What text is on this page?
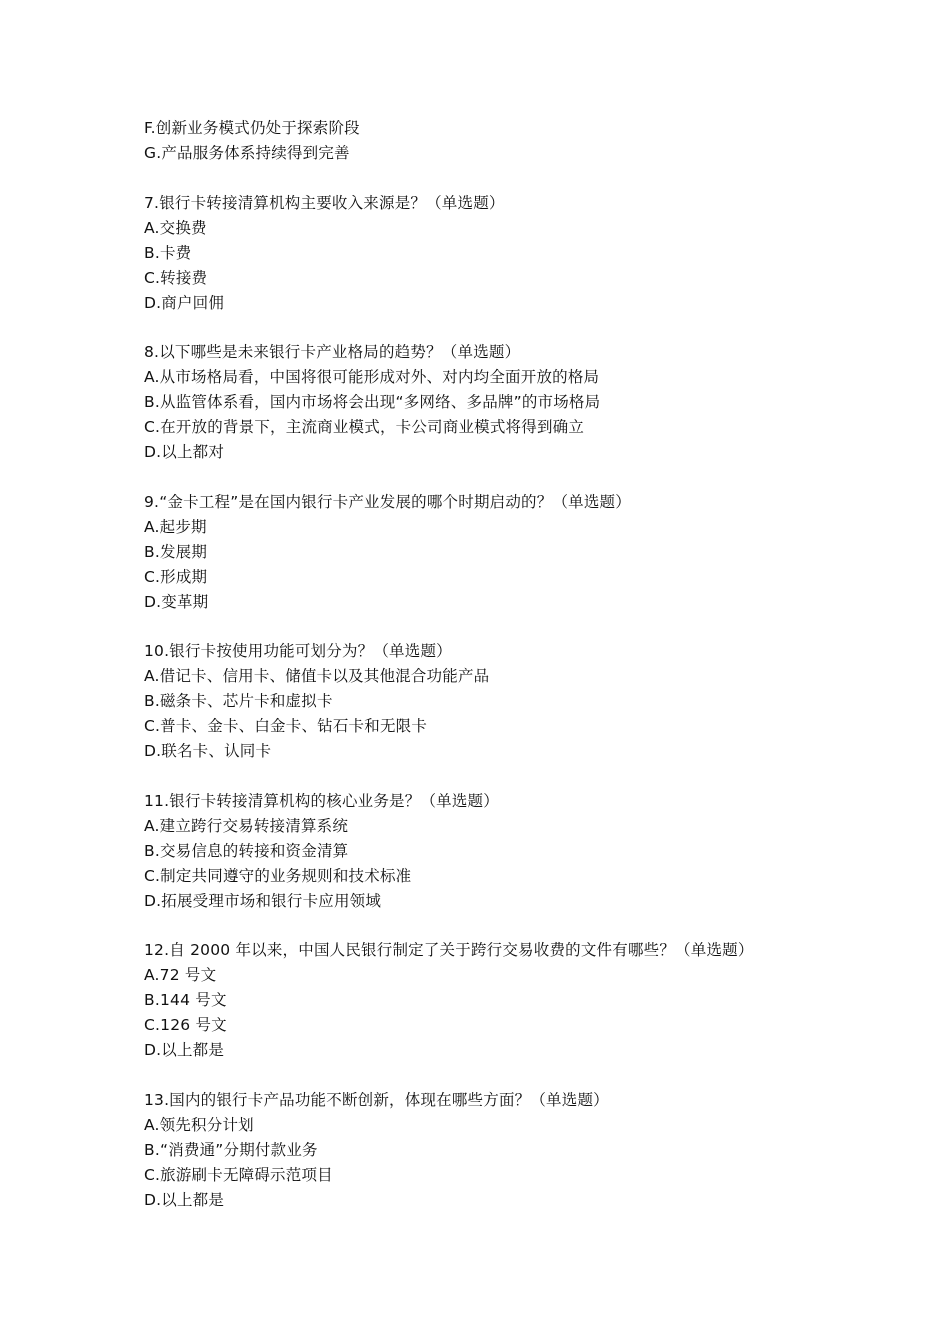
F.创新业务模式仍处于探索阶段
G.产品服务体系持续得到完善
7.银行卡转接清算机构主要收入来源是？（单选题）
A.交换费
B.卡费
C.转接费
D.商户回佣
8.以下哪些是未来银行卡产业格局的趋势？（单选题）
A.从市场格局看，中国将很可能形成对外、对内均全面开放的格局
B.从监管体系看，国内市场将会出现“多网络、多品牌”的市场格局
C.在开放的背景下，主流商业模式，卡公司商业模式将得到确立
D.以上都对
9.“金卡工程”是在国内银行卡产业发展的哪个时期启动的？（单选题）
A.起步期
B.发展期
C.形成期
D.变革期
10.银行卡按使用功能可划分为？（单选题）
A.借记卡、信用卡、储值卡以及其他混合功能产品
B.磁条卡、芯片卡和虚拟卡
C.普卡、金卡、白金卡、钻石卡和无限卡
D.联名卡、认同卡
11.银行卡转接清算机构的核心业务是？（单选题）
A.建立跨行交易转接清算系统
B.交易信息的转接和资金清算
C.制定共同遵守的业务规则和技术标准
D.拓展受理市场和银行卡应用领域
12.自 2000 年以来，中国人民银行制定了关于跨行交易收费的文件有哪些？（单选题）
A.72 号文
B.144 号文
C.126 号文
D.以上都是
13.国内的银行卡产品功能不断创新，体现在哪些方面？（单选题）
A.领先积分计划
B.“消费通”分期付款业务
C.旅游刷卡无障碍示范项目
D.以上都是
